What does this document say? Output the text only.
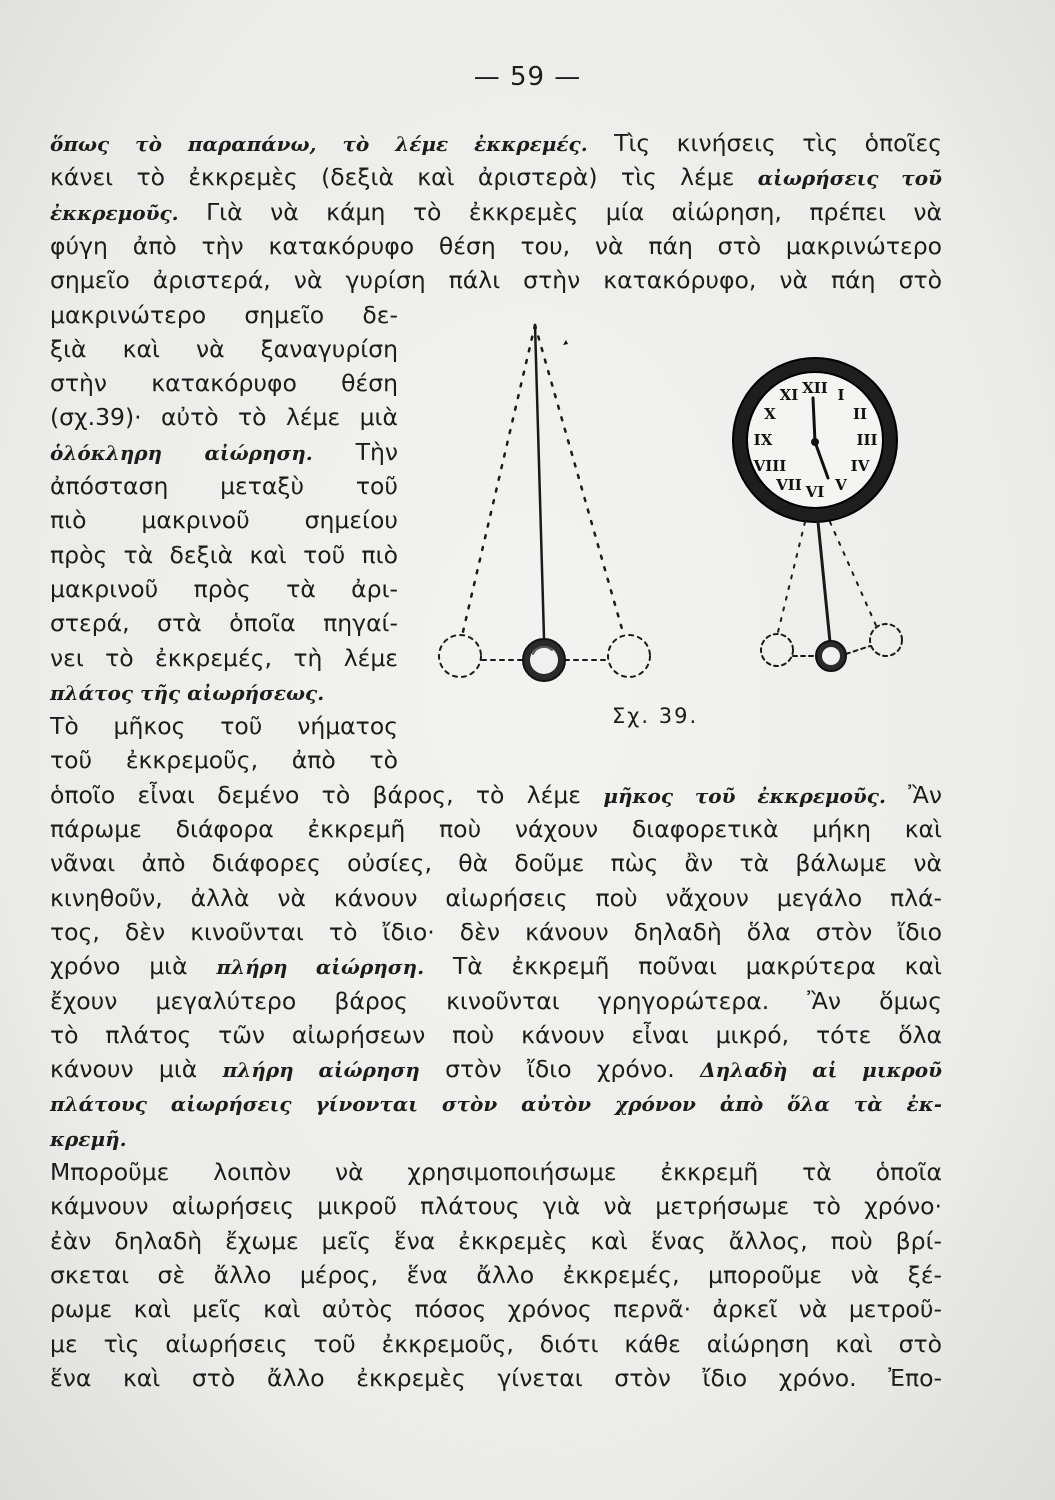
— 59 —
ὅπως τὸ παραπάνω, τὸ λέμε ἐκκρεμές. Τὶς κινήσεις τὶς ὁποῖες
κάνει τὸ ἐκκρεμὲς (δεξιὰ καὶ ἀριστερὰ) τὶς λέμε αἰωρήσεις τοῦ
ἐκκρεμοῦς. Γιὰ νὰ κάμη τὸ ἐκκρεμὲς μία αἰώρηση, πρέπει νὰ
φύγη ἀπὸ τὴν κατακόρυφο θέση του, νὰ πάη στὸ μακρινώτερο
σημεῖο ἀριστερά, νὰ γυρίση πάλι στὴν κατακόρυφο, νὰ πάη στὸ
μακρινώτερο σημεῖο δε-
ξιὰ καὶ νὰ ξαναγυρίση
στὴν κατακόρυφο θέση
(σχ.39)· αὐτὸ τὸ λέμε μιὰ
ὁλόκληρη αἰώρηση. Τὴν
ἀπόσταση μεταξὺ τοῦ
πιὸ μακρινοῦ σημείου
πρὸς τὰ δεξιὰ καὶ τοῦ πιὸ
μακρινοῦ πρὸς τὰ ἀρι-
στερά, στὰ ὁποῖα πηγαί-
νει τὸ ἐκκρεμές, τὴ λέμε
πλάτος τῆς αἰωρήσεως.
Τὸ μῆκος τοῦ νήματος
τοῦ ἐκκρεμοῦς, ἀπὸ τὸ
ὁποῖο εἶναι δεμένο τὸ βάρος, τὸ λέμε μῆκος τοῦ ἐκκρεμοῦς. Ἂν
πάρωμε διάφορα ἐκκρεμῆ ποὺ νάχουν διαφορετικὰ μήκη καὶ
νᾶναι ἀπὸ διάφορες οὐσίες, θὰ δοῦμε πὼς ἂν τὰ βάλωμε νὰ
κινηθοῦν, ἀλλὰ νὰ κάνουν αἰωρήσεις ποὺ νἄχουν μεγάλο πλά-
τος, δὲν κινοῦνται τὸ ἴδιο· δὲν κάνουν δηλαδὴ ὅλα στὸν ἴδιο
χρόνο μιὰ πλήρη αἰώρηση. Τὰ ἐκκρεμῆ ποῦναι μακρύτερα καὶ
ἔχουν μεγαλύτερο βάρος κινοῦνται γρηγορώτερα. Ἂν ὅμως
τὸ πλάτος τῶν αἰωρήσεων ποὺ κάνουν εἶναι μικρό, τότε ὅλα
κάνουν μιὰ πλήρη αἰώρηση στὸν ἴδιο χρόνο. Δηλαδὴ αἱ μικροῦ
πλάτους αἰωρήσεις γίνονται στὸν αὐτὸν χρόνον ἀπὸ ὅλα τὰ ἐκ-
κρεμῆ.
Μποροῦμε λοιπὸν νὰ χρησιμοποιήσωμε ἐκκρεμῆ τὰ ὁποῖα
κάμνουν αἰωρήσεις μικροῦ πλάτους γιὰ νὰ μετρήσωμε τὸ χρόνο·
ἐὰν δηλαδὴ ἔχωμε μεῖς ἕνα ἐκκρεμὲς καὶ ἕνας ἄλλος, ποὺ βρί-
σκεται σὲ ἄλλο μέρος, ἕνα ἄλλο ἐκκρεμές, μποροῦμε νὰ ξέ-
ρωμε καὶ μεῖς καὶ αὐτὸς πόσος χρόνος περνᾶ· ἀρκεῖ νὰ μετροῦ-
με τὶς αἰωρήσεις τοῦ ἐκκρεμοῦς, διότι κάθε αἰώρηση καὶ στὸ
ἕνα καὶ στὸ ἄλλο ἐκκρεμὲς γίνεται στὸν ἴδιο χρόνο. Ἐπο-
XII I
II
III
IV
V
VI
VII
VIII
IX
X
XI
Σχ. 39.
